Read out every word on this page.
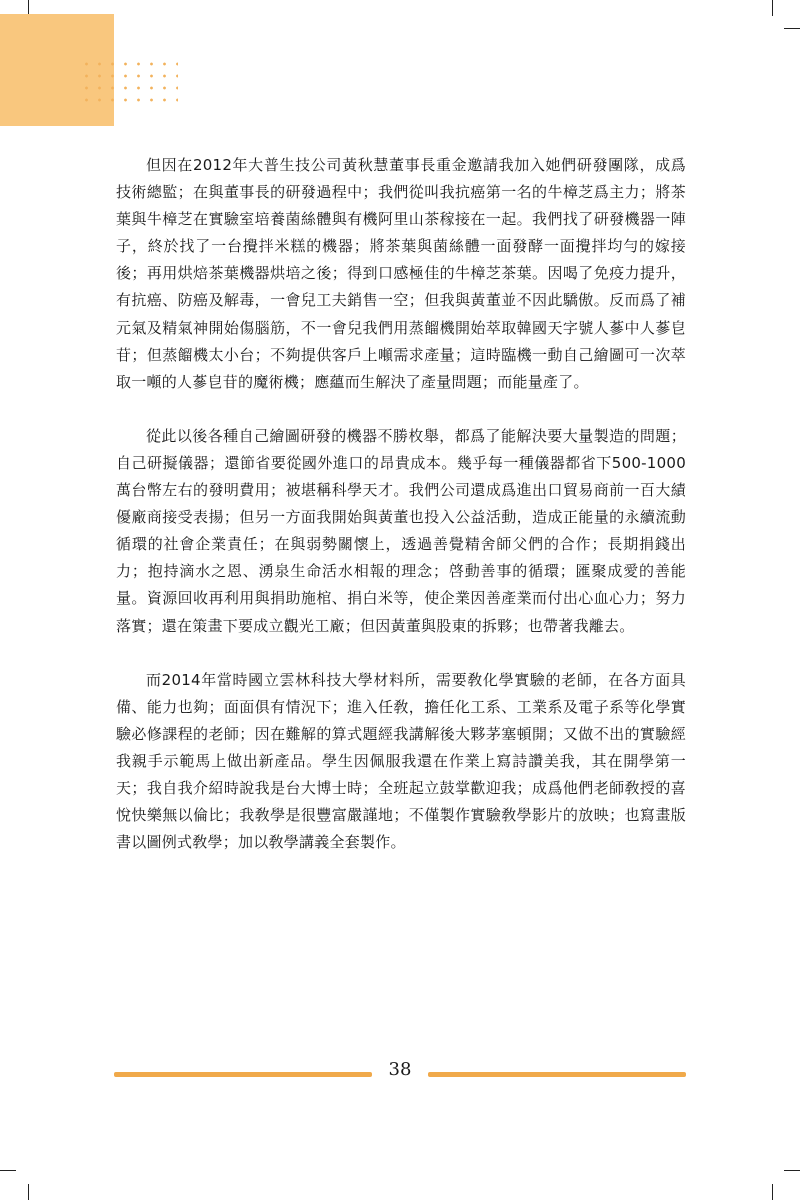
但因在2012年大普生技公司黃秋慧董事長重金邀請我加入她們研發團隊，成爲技術總監；在與董事長的研發過程中；我們從叫我抗癌第一名的牛樟芝爲主力；將茶葉與牛樟芝在實驗室培養菌絲體與有機阿里山茶稼接在一起。我們找了研發機器一陣子，終於找了一台攪拌米糕的機器；將茶葉與菌絲體一面發酵一面攪拌均勻的嫁接後；再用烘焙茶葉機器烘培之後；得到口感極佳的牛樟芝茶葉。因喝了免疫力提升，有抗癌、防癌及解毒，一會兒工夫銷售一空；但我與黃董並不因此驕傲。反而爲了補元氣及精氣神開始傷腦筋，不一會兒我們用蒸餾機開始萃取韓國天字號人蔘中人蔘皀苷；但蒸餾機太小台；不夠提供客戶上噸需求產量；這時臨機一動自己繪圖可一次萃取一噸的人蔘皀苷的魔術機；應蘊而生解決了產量問題；而能量產了。

從此以後各種自己繪圖研發的機器不勝枚舉，都爲了能解決要大量製造的問題；自己研擬儀器；還節省要從國外進口的昂貴成本。幾乎每一種儀器都省下500-1000萬台幣左右的發明費用；被堪稱科學天才。我們公司還成爲進出口貿易商前一百大績優廠商接受表揚；但另一方面我開始與黃董也投入公益活動，造成正能量的永續流動循環的社會企業責任；在與弱勢關懷上，透過善覺精舍師父們的合作；長期捐錢出力；抱持滴水之恩、湧泉生命活水相報的理念；啓動善事的循環；匯聚成愛的善能量。資源回收再利用與捐助施棺、捐白米等，使企業因善產業而付出心血心力；努力落實；還在策畫下要成立觀光工廠；但因黃董與股東的拆夥；也帶著我離去。

而2014年當時國立雲林科技大學材料所，需要敎化學實驗的老師，在各方面具備、能力也夠；面面俱有情況下；進入任敎，擔任化工系、工業系及電子系等化學實驗必修課程的老師；因在難解的算式題經我講解後大夥茅塞頓開；又做不出的實驗經我親手示範馬上做出新產品。學生因佩服我還在作業上寫詩讚美我，其在開學第一天；我自我介紹時說我是台大博士時；全班起立鼓掌歡迎我；成爲他們老師敎授的喜悅快樂無以倫比；我敎學是很豐富嚴謹地；不僅製作實驗敎學影片的放映；也寫畫版書以圖例式敎學；加以敎學講義全套製作。

38
